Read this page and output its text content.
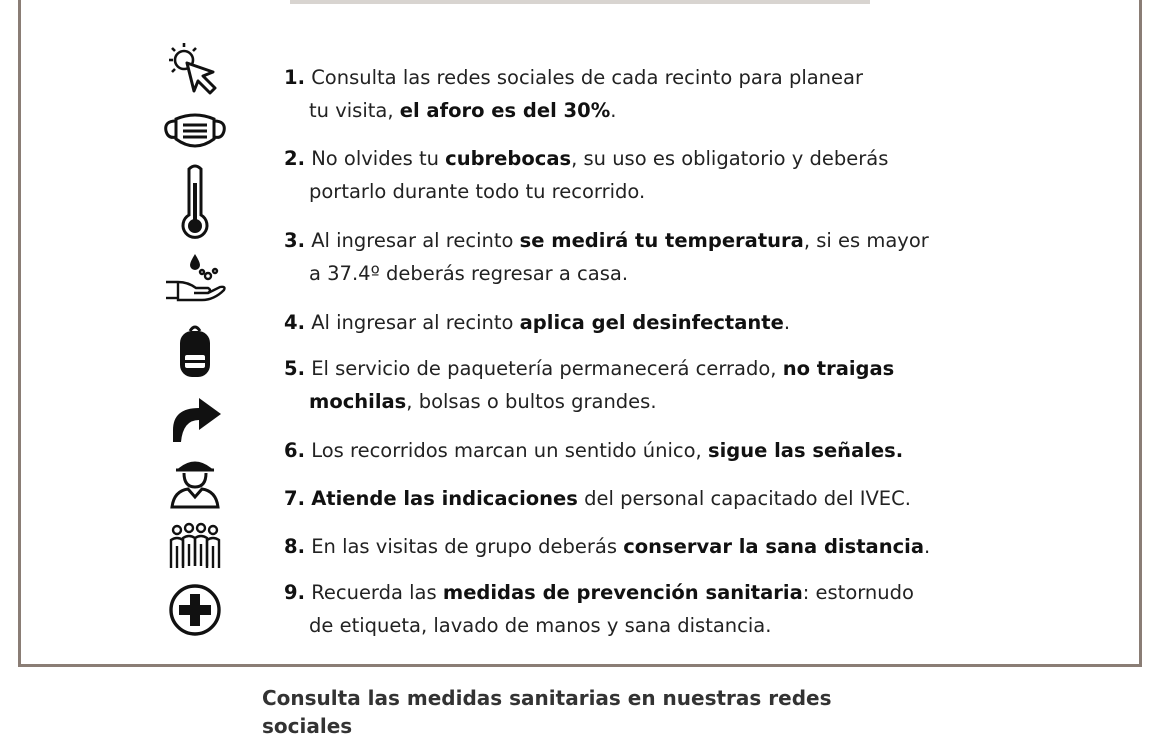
1. Consulta las redes sociales de cada recinto para planear
tu visita, el aforo es del 30%.
2. No olvides tu cubrebocas, su uso es obligatorio y deberás
portarlo durante todo tu recorrido.
3. Al ingresar al recinto se medirá tu temperatura, si es mayor
a 37.4º deberás regresar a casa.
4. Al ingresar al recinto aplica gel desinfectante.
5. El servicio de paquetería permanecerá cerrado, no traigas
mochilas, bolsas o bultos grandes.
6. Los recorridos marcan un sentido único, sigue las señales.
7. Atiende las indicaciones del personal capacitado del IVEC.
8. En las visitas de grupo deberás conservar la sana distancia.
9. Recuerda las medidas de prevención sanitaria: estornudo
de etiqueta, lavado de manos y sana distancia.
Consulta las medidas sanitarias en nuestras redes sociales
